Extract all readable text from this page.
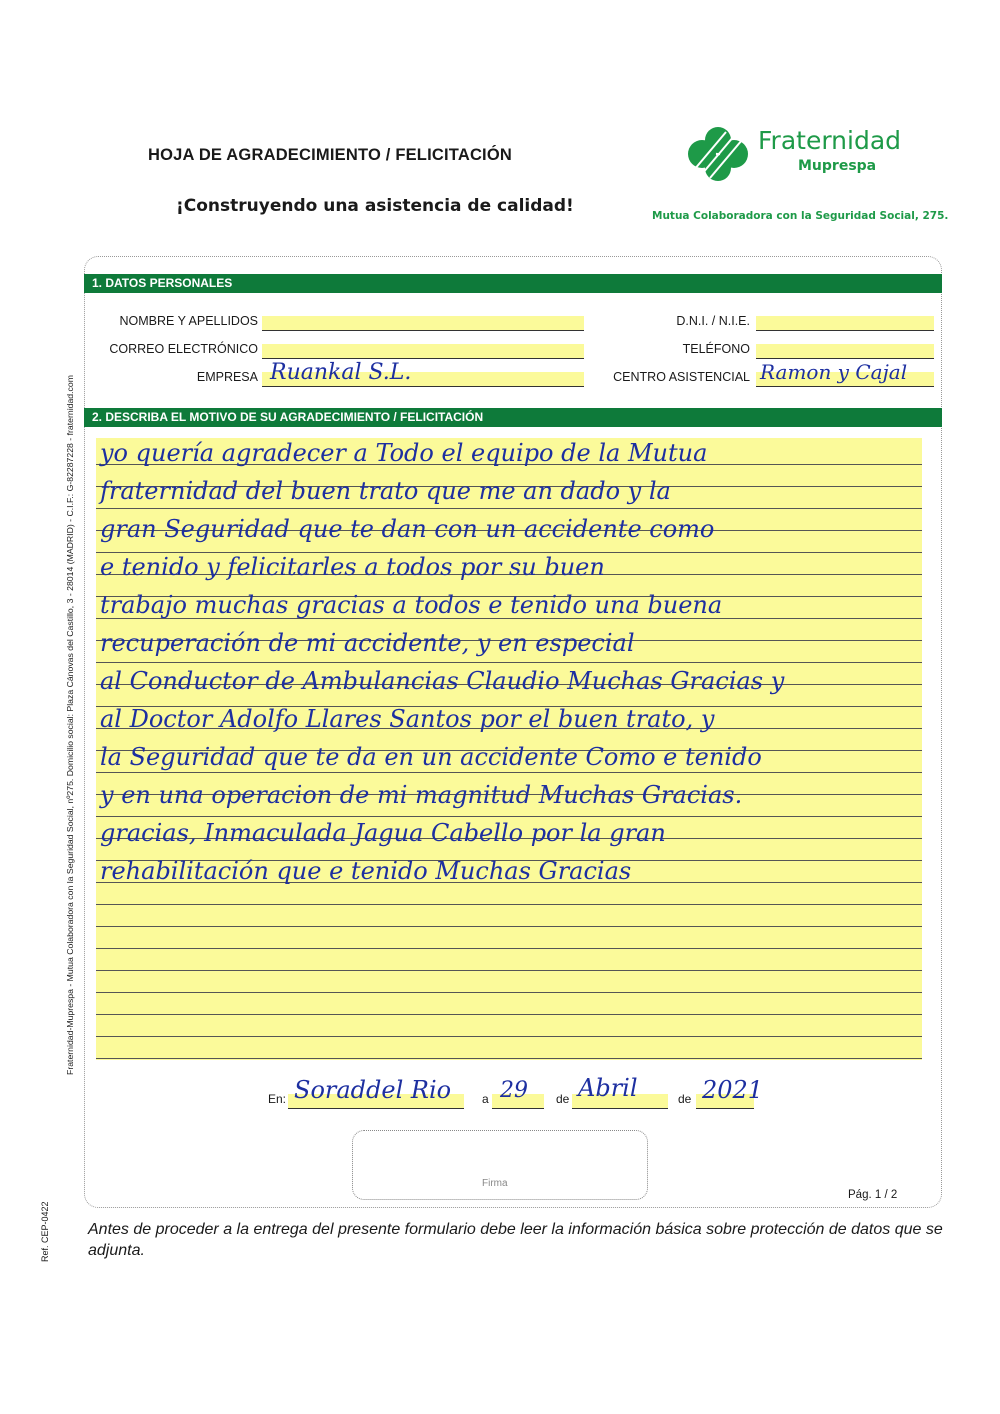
HOJA DE AGRADECIMIENTO / FELICITACIÓN
¡Construyendo una asistencia de calidad!
Fraternidad
Muprespa
Mutua Colaboradora con la Seguridad Social, 275.
1. DATOS PERSONALES
NOMBRE Y APELLIDOS
CORREO ELECTRÓNICO
EMPRESA Ruankal S.L.
D.N.I. / N.I.E.
TELÉFONO
CENTRO ASISTENCIAL Ramon y Cajal
2. DESCRIBA EL MOTIVO DE SU AGRADECIMIENTO / FELICITACIÓN
yo quería agradecer a Todo el equipo de la Mutua
fraternidad del buen trato que me an dado y la
gran Seguridad que te dan con un accidente como
e tenido y felicitarles a todos por su buen
trabajo muchas gracias a todos e tenido una buena
recuperación de mi accidente, y en especial
al Conductor de Ambulancias Claudio Muchas Gracias y
al Doctor Adolfo Llares Santos por el buen trato, y
la Seguridad que te da en un accidente Como e tenido
y en una operacion de mi magnitud Muchas Gracias.
gracias, Inmaculada Jagua Cabello por la gran
rehabilitación que e tenido Muchas Gracias
En: Soraddel Rio	a 29 de Abril	de 2021
Firma
Pág. 1 / 2
Antes de proceder a la entrega del presente formulario debe leer la información básica sobre protección de datos que se adjunta.
Fraternidad-Muprespa - Mutua Colaboradora con la Seguridad Social, nº275. Domicilio social: Plaza Cánovas del Castillo, 3 - 28014 (MADRID) - C.I.F.: G-82287228 - fraternidad.com
Ref. CEP-0422
